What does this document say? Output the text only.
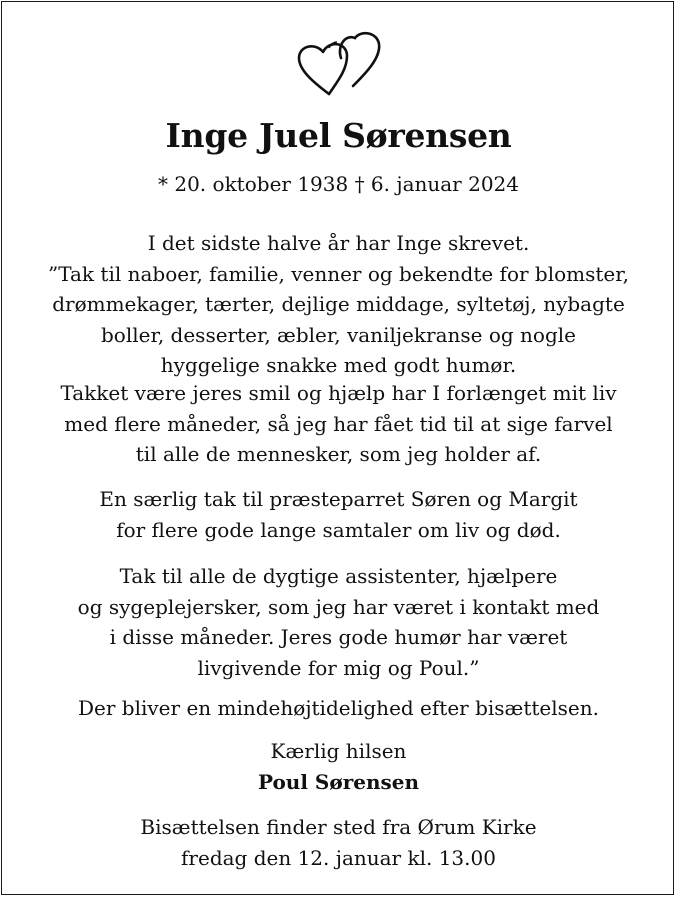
Inge Juel Sørensen
* 20. oktober 1938 † 6. januar 2024
I det sidste halve år har Inge skrevet.
”Tak til naboer, familie, venner og bekendte for blomster,
drømmekager, tærter, dejlige middage, syltetøj, nybagte
boller, desserter, æbler, vaniljekranse og nogle
hyggelige snakke med godt humør.
Takket være jeres smil og hjælp har I forlænget mit liv
med flere måneder, så jeg har fået tid til at sige farvel
til alle de mennesker, som jeg holder af.
En særlig tak til præsteparret Søren og Margit
for flere gode lange samtaler om liv og død.
Tak til alle de dygtige assistenter, hjælpere
og sygeplejersker, som jeg har været i kontakt med
i disse måneder. Jeres gode humør har været
livgivende for mig og Poul.”
Der bliver en mindehøjtidelighed efter bisættelsen.
Kærlig hilsen
Poul Sørensen
Bisættelsen finder sted fra Ørum Kirke
fredag den 12. januar kl. 13.00
